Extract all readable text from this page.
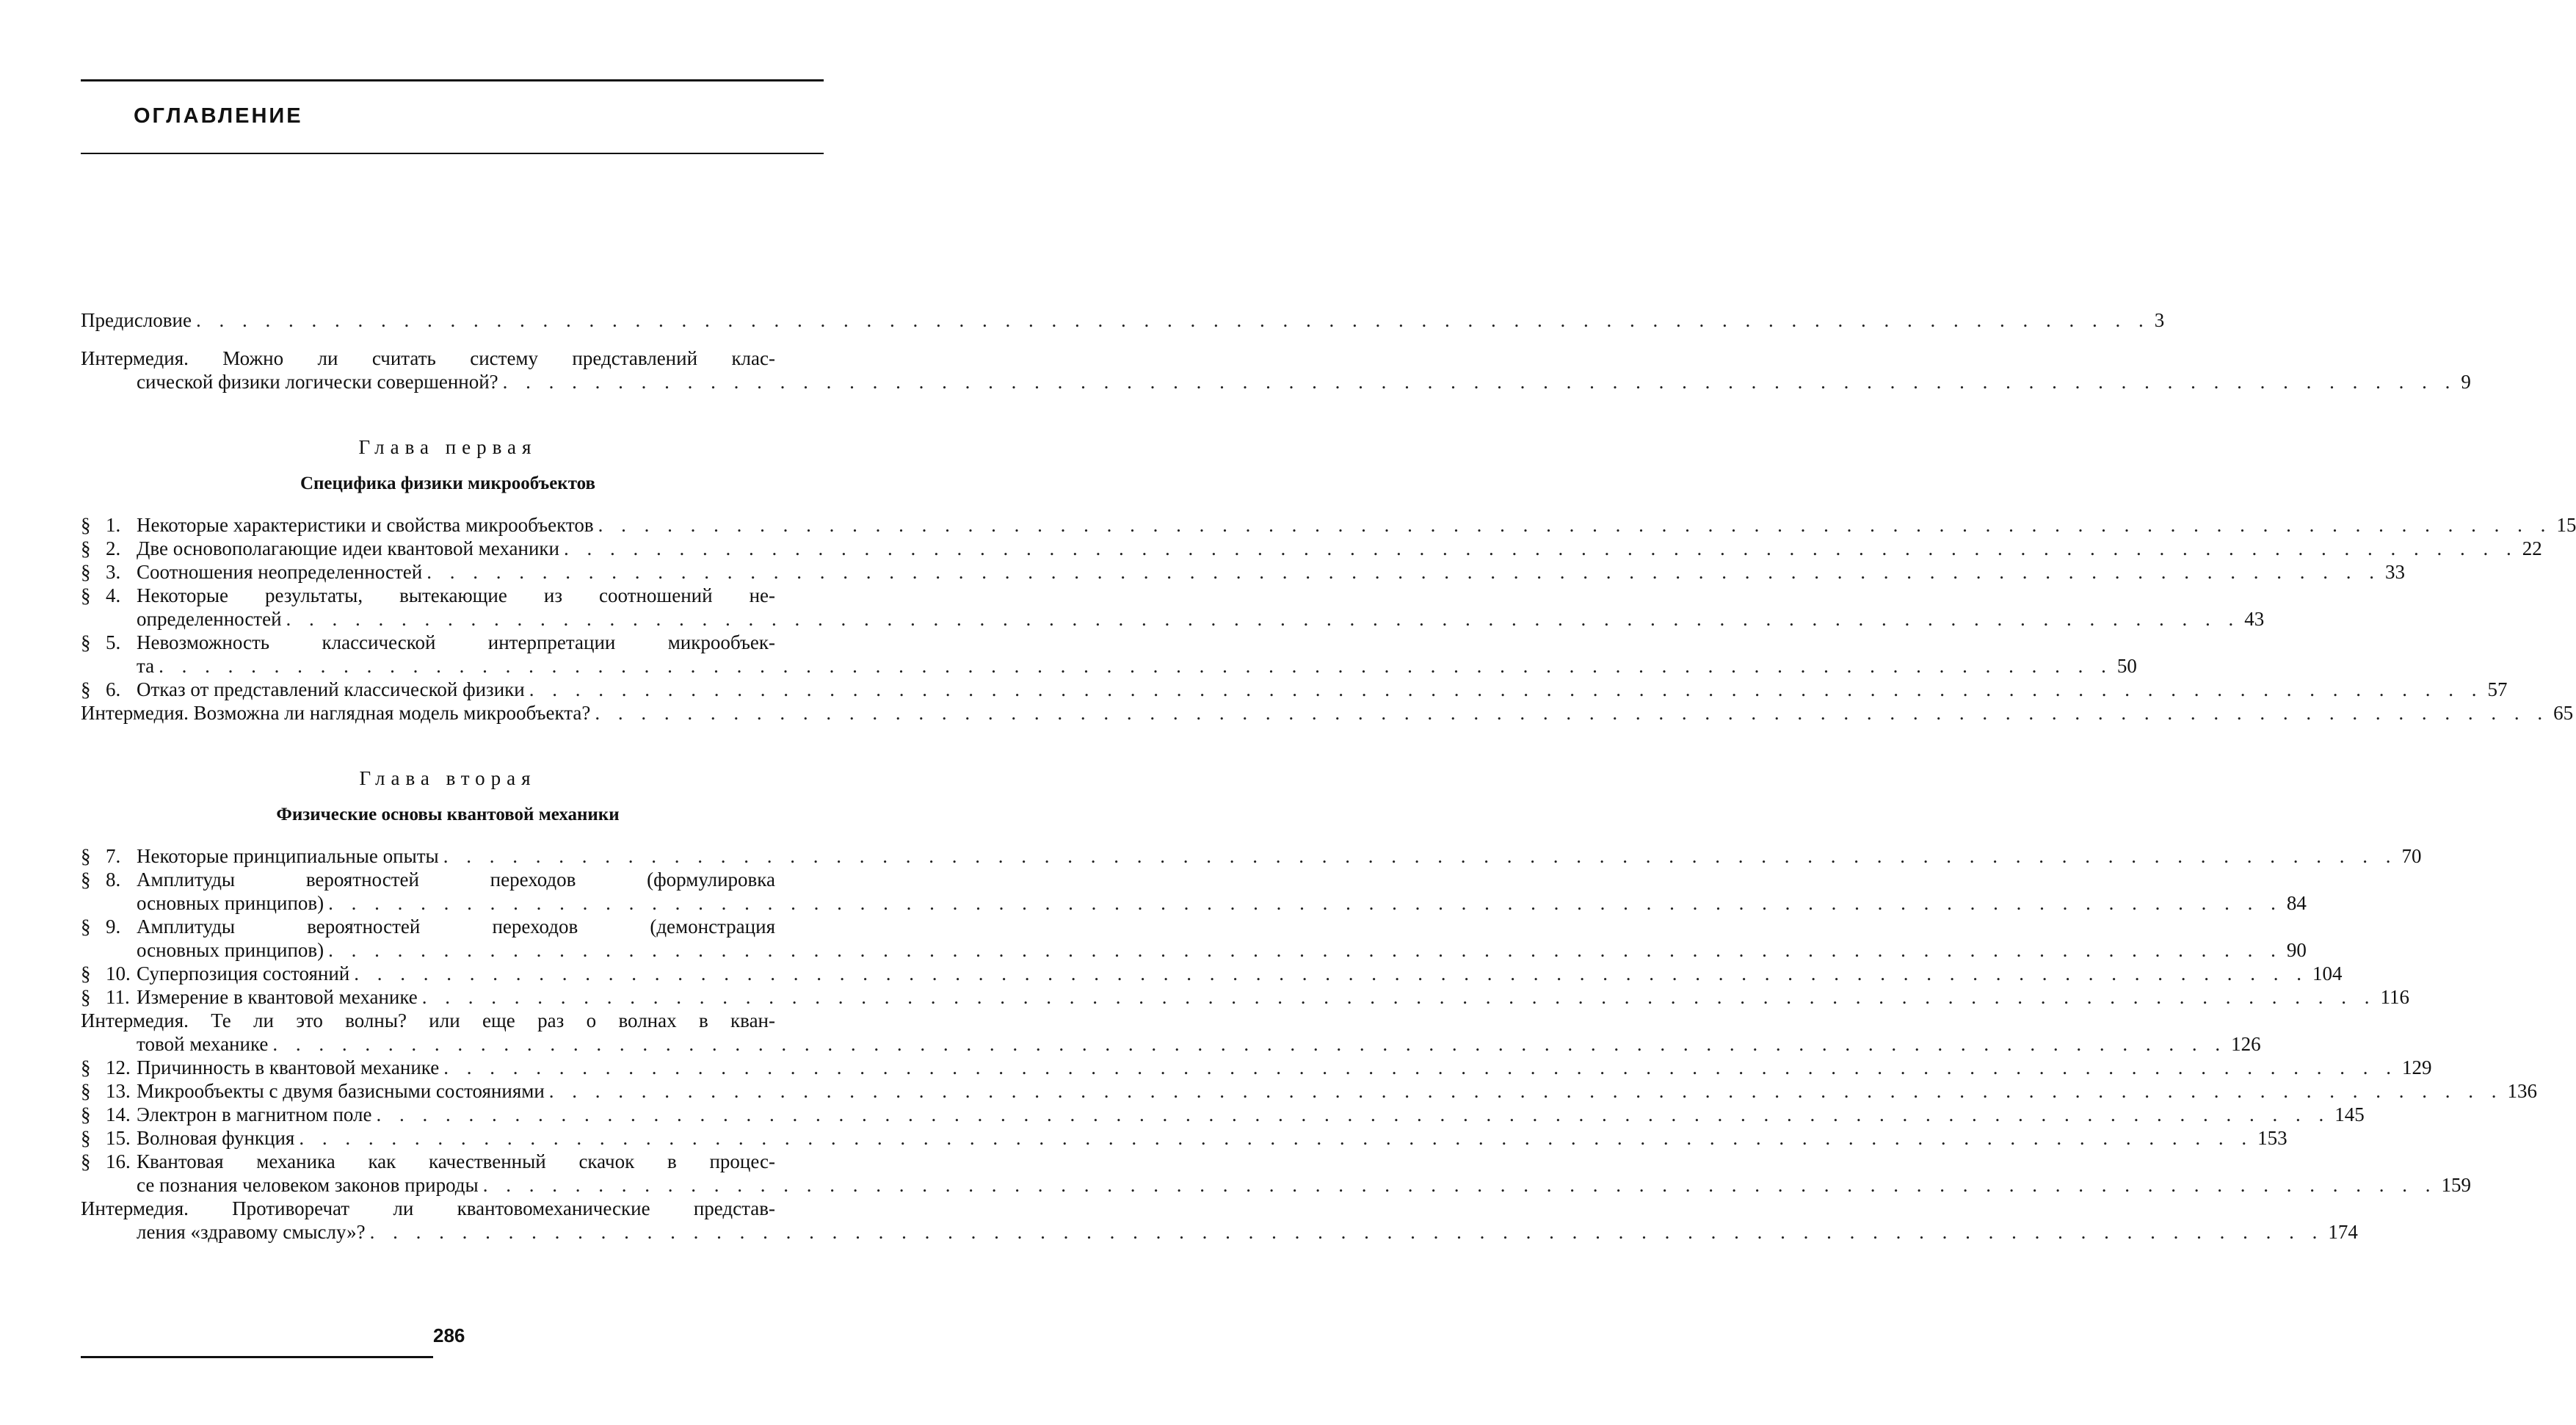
ОГЛАВЛЕНИЕ
Предисловие . . .	3
Интермедия. Можно ли считать систему представлений клас-
сической физики логически совершенной? . . .	9
Глава первая
Специфика физики микрообъектов
§ 1. Некоторые характеристики и свойства микрообъектов . . .	15
§ 2. Две основополагающие идеи квантовой механики . . .	22
§ 3. Соотношения неопределенностей . . .	33
§ 4. Некоторые результаты, вытекающие из соотношений не-
определенностей . . .	43
§ 5. Невозможность классической интерпретации микрообъек-
та . . .	50
§ 6. Отказ от представлений классической физики . . .	57
Интермедия. Возможна ли наглядная модель микрообъекта? . . .	65
Глава вторая
Физические основы квантовой механики
§ 7. Некоторые принципиальные опыты . . .	70
§ 8. Амплитуды вероятностей переходов (формулировка
основных принципов) . . .	84
§ 9. Амплитуды вероятностей переходов (демонстрация
основных принципов) . . .	90
§ 10. Суперпозиция состояний . . .	104
§ 11. Измерение в квантовой механике . . .	116
Интермедия. Те ли это волны? или еще раз о волнах в кван-
товой механике . . .	126
§ 12. Причинность в квантовой механике . . .	129
§ 13. Микрообъекты с двумя базисными состояниями . . .	136
§ 14. Электрон в магнитном поле . . .	145
§ 15. Волновая функция . . .	153
§ 16. Квантовая механика как качественный скачок в процес-
се познания человеком законов природы . . .	159
Интермедия. Противоречат ли квантовомеханические представ-
ления «здравому смыслу»? . . .	174
286
